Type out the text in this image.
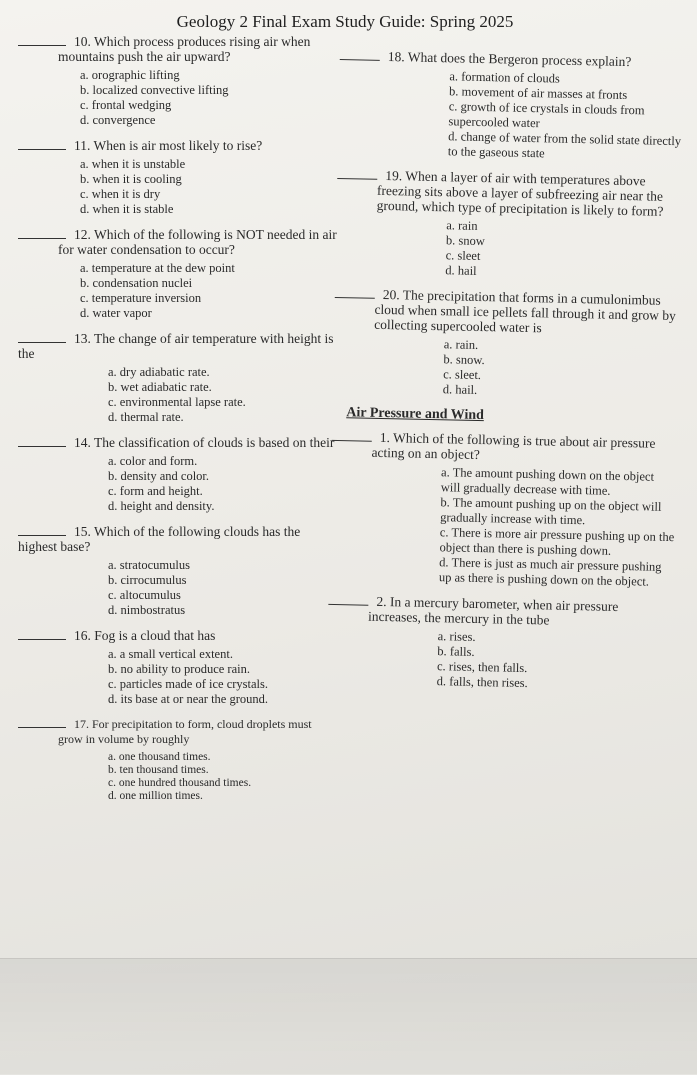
Geology 2 Final Exam Study Guide: Spring 2025
10. Which process produces rising air when mountains push the air upward?
a. orographic lifting
b. localized convective lifting
c. frontal wedging
d. convergence
11. When is air most likely to rise?
a. when it is unstable
b. when it is cooling
c. when it is dry
d. when it is stable
12. Which of the following is NOT needed in air for water condensation to occur?
a. temperature at the dew point
b. condensation nuclei
c. temperature inversion
d. water vapor
13. The change of air temperature with height is the
a. dry adiabatic rate.
b. wet adiabatic rate.
c. environmental lapse rate.
d. thermal rate.
14. The classification of clouds is based on their
a. color and form.
b. density and color.
c. form and height.
d. height and density.
15. Which of the following clouds has the highest base?
a. stratocumulus
b. cirrocumulus
c. altocumulus
d. nimbostratus
16. Fog is a cloud that has
a. a small vertical extent.
b. no ability to produce rain.
c. particles made of ice crystals.
d. its base at or near the ground.
17. For precipitation to form, cloud droplets must grow in volume by roughly
a. one thousand times.
b. ten thousand times.
c. one hundred thousand times.
d. one million times.
18. What does the Bergeron process explain?
a. formation of clouds
b. movement of air masses at fronts
c. growth of ice crystals in clouds from supercooled water
d. change of water from the solid state directly to the gaseous state
19. When a layer of air with temperatures above freezing sits above a layer of subfreezing air near the ground, which type of precipitation is likely to form?
a. rain
b. snow
c. sleet
d. hail
20. The precipitation that forms in a cumulonimbus cloud when small ice pellets fall through it and grow by collecting supercooled water is
a. rain.
b. snow.
c. sleet.
d. hail.
Air Pressure and Wind
1. Which of the following is true about air pressure acting on an object?
a. The amount pushing down on the object will gradually decrease with time.
b. The amount pushing up on the object will gradually increase with time.
c. There is more air pressure pushing up on the object than there is pushing down.
d. There is just as much air pressure pushing up as there is pushing down on the object.
2. In a mercury barometer, when air pressure increases, the mercury in the tube
a. rises.
b. falls.
c. rises, then falls.
d. falls, then rises.
